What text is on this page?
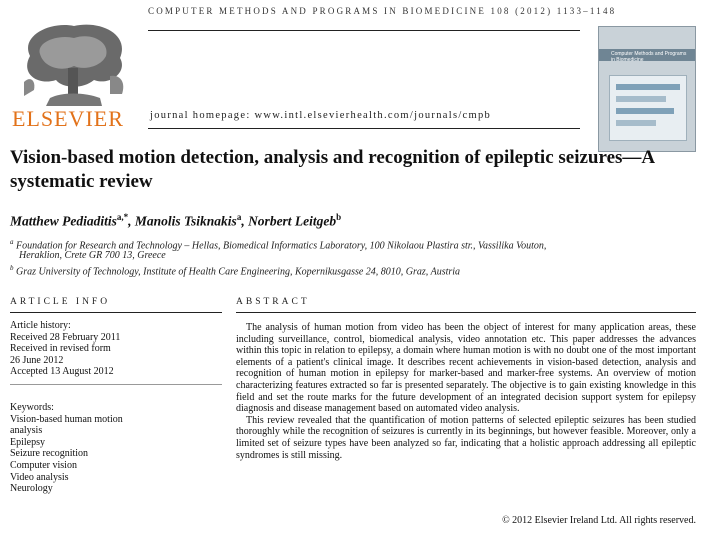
COMPUTER METHODS AND PROGRAMS IN BIOMEDICINE 108 (2012) 1133–1148
ELSEVIER journal homepage: www.intl.elsevierhealth.com/journals/cmpb
Computer Methods and Programs in Biomedicine
Vision-based motion detection, analysis and recognition of epileptic seizures—A systematic review
Matthew Pediaditis$^{a,*}$, Manolis Tsiknakis$^a$, Norbert Leitgeb$^b$
$^a$ Foundation for Research and Technology – Hellas, Biomedical Informatics Laboratory, 100 Nikolaou Plastira str., Vassilika Vouton,
Heraklion, Crete GR 700 13, Greece
$^b$ Graz University of Technology, Institute of Health Care Engineering, Kopernikusgasse 24, 8010, Graz, Austria
ARTICLE INFO
Article history:
Received 28 February 2011
Received in revised form
26 June 2012
Accepted 13 August 2012
Keywords:
Vision-based human motion
analysis
Epilepsy
Seizure recognition
Computer vision
Video analysis
Neurology
ABSTRACT

The analysis of human motion from video has been the object of interest for many application areas, these including surveillance, control, biomedical analysis, video annotation etc. This paper addresses the advances within this topic in relation to epilepsy, a domain where human motion is with no doubt one of the most important elements of a patient's clinical image. It describes recent achievements in vision-based detection, analysis and recognition of human motion in epilepsy for marker-based and marker-free systems. An overview of motion characterizing features extracted so far is presented separately. The objective is to gain existing knowledge in this field and set the route marks for the future development of an integrated decision support system for epilepsy diagnosis and disease management based on automated video analysis.

This review revealed that the quantification of motion patterns of selected epileptic seizures has been studied thoroughly while the recognition of seizures is currently in its beginnings, but however feasible. Moreover, only a limited set of seizure types have been analyzed so far, indicating that a holistic approach addressing all epileptic syndromes is still missing.

© 2012 Elsevier Ireland Ltd. All rights reserved.
